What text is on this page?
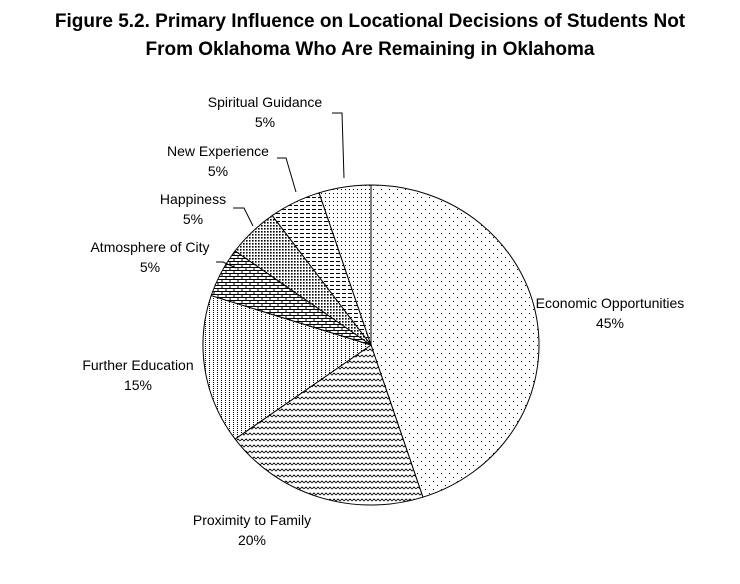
Figure 5.2. Primary Influence on Locational Decisions of Students Not
From Oklahoma Who Are Remaining in Oklahoma
Economic Opportunities 45%
Proximity to Family 20%
Further Education 15%
Atmosphere of City 5%
Happiness 5%
New Experience 5%
Spiritual Guidance 5%
